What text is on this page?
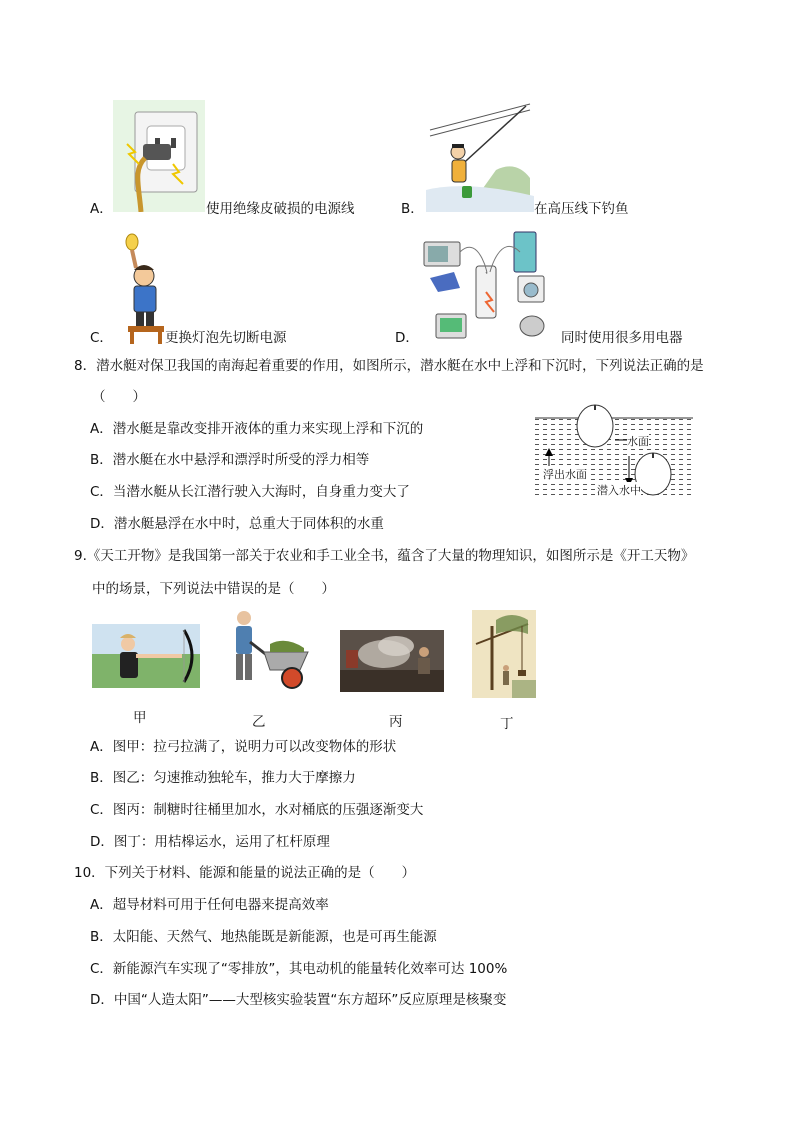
A．	使用绝缘皮破损的电源线	B．	在高压线下钓鱼
C．	更换灯泡先切断电源	D．	同时使用很多用电器
8．潜水艇对保卫我国的南海起着重要的作用，如图所示，潜水艇在水中上浮和下沉时，下列说法正确的是
（　　）
A．潜水艇是靠改变排开液体的重力来实现上浮和下沉的
B．潜水艇在水中悬浮和漂浮时所受的浮力相等
C．当潜水艇从长江潜行驶入大海时，自身重力变大了
D．潜水艇悬浮在水中时，总重大于同体积的水重
水面
浮出水面
潜入水中
9.《天工开物》是我国第一部关于农业和手工业全书，蕴含了大量的物理知识，如图所示是《开工天物》
中的场景，下列说法中错误的是（　　）
甲	乙	丙	丁
A．图甲：拉弓拉满了，说明力可以改变物体的形状
B．图乙：匀速推动独轮车，推力大于摩擦力
C．图丙：制糖时往桶里加水，水对桶底的压强逐渐变大
D．图丁：用桔槔运水，运用了杠杆原理
10．下列关于材料、能源和能量的说法正确的是（　　）
A．超导材料可用于任何电器来提高效率
B．太阳能、天然气、地热能既是新能源，也是可再生能源
C．新能源汽车实现了“零排放”，其电动机的能量转化效率可达 100%
D．中国“人造太阳”——大型核实验装置“东方超环”反应原理是核聚变
